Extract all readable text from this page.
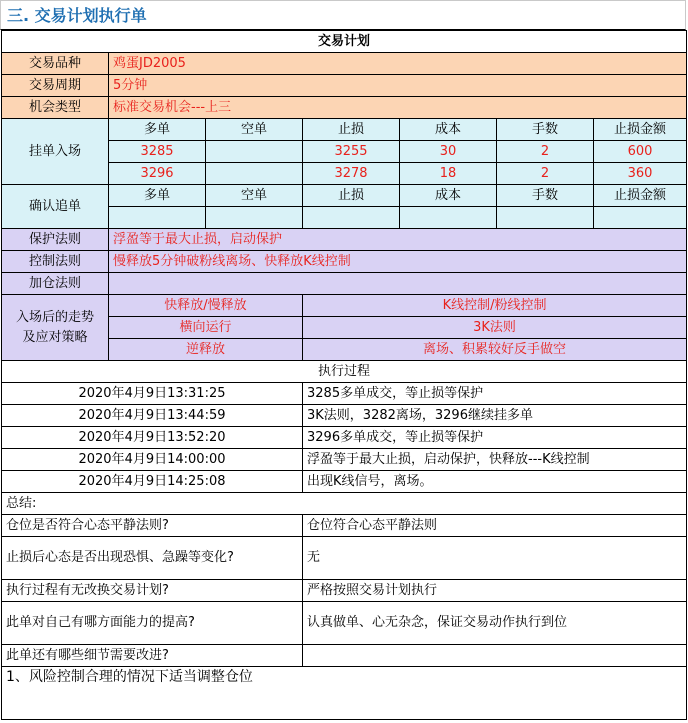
三. 交易计划执行单
交易计划						
交易品种	鸡蛋JD2005					
交易周期	5分钟					
机会类型	标准交易机会---上三					
挂单入场	多单	空单	止损	成本	手数	止损金额
	3285		3255	30	2	600
	3296		3278	18	2	360
确认追单	多单	空单	止损	成本	手数	止损金额

保护法则	浮盈等于最大止损，启动保护					
控制法则	慢释放5分钟破粉线离场、快释放K线控制					
加仓法则						
入场后的走势
及应对策略	快释放/慢释放		K线控制/粉线控制			
	横向运行		3K法则			
	逆释放		离场、积累较好反手做空			
执行过程						
2020年4月9日13:31:25			3285多单成交，等止损等保护			
2020年4月9日13:44:59			3K法则，3282离场，3296继续挂多单			
2020年4月9日13:52:20			3296多单成交，等止损等保护			
2020年4月9日14:00:00			浮盈等于最大止损，启动保护，快释放---K线控制			
2020年4月9日14:25:08			出现K线信号，离场。			
总结:						
仓位是否符合心态平静法则?			仓位符合心态平静法则			
止损后心态是否出现恐惧、急躁等变化?			无			
执行过程有无改换交易计划?			严格按照交易计划执行			
此单对自己有哪方面能力的提高?			认真做单、心无杂念，保证交易动作执行到位			
此单还有哪些细节需要改进?						
1、风险控制合理的情况下适当调整仓位						
